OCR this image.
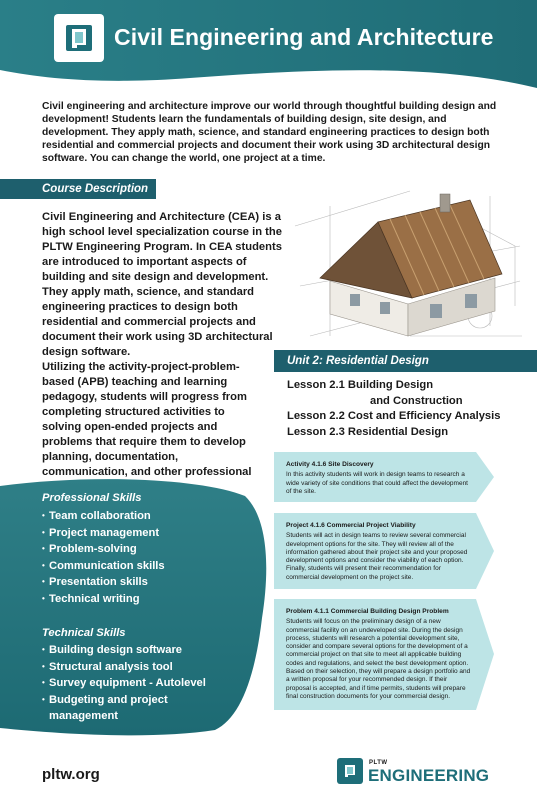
Civil Engineering and Architecture

Civil engineering and architecture improve our world through thoughtful building design and development! Students learn the fundamentals of building design, site design, and development. They apply math, science, and standard engineering practices to design both residential and commercial projects and document their work using 3D architectural design software. You can change the world, one project at a time.

Course Description
Civil Engineering and Architecture (CEA) is a high school level specialization course in the PLTW Engineering Program. In CEA students are introduced to important aspects of building and site design and development. They apply math, science, and standard engineering practices to design both residential and commercial projects and document their work using 3D architectural design software.
Utilizing the activity-project-problem-based (APB) teaching and learning pedagogy, students will progress from completing structured activities to solving open-ended projects and problems that require them to develop planning, documentation, communication, and other professional
Unit 2: Residential Design
Lesson 2.1 Building Design
and Construction
Lesson 2.2 Cost and Efficiency Analysis
Lesson 2.3 Residential Design
Activity 4.1.6 Site Discovery
In this activity students will work in design teams to research a wide variety of site conditions that could affect the development of the site.
Project 4.1.6 Commercial Project Viability
Students will act in design teams to review several commercial development options for the site. They will review all of the information gathered about their project site and your proposed development options and consider the viability of each option. Finally, students will present their recommendation for commercial development on the project site.
Problem 4.1.1 Commercial Building Design Problem
Students will focus on the preliminary design of a new commercial facility on an undeveloped site. During the design process, students will research a potential development site, consider and compare several options for the development of a commercial project on that site to meet all applicable building codes and regulations, and select the best development option. Based on their selection, they will prepare a design portfolio and a written proposal for your recommended design. If their proposal is accepted, and if time permits, students will prepare final construction documents for your commercial design.
Professional Skills
• Team collaboration
• Project management
• Problem-solving
• Communication skills
• Presentation skills
• Technical writing
Technical Skills
• Building design software
• Structural analysis tool
• Survey equipment - Autolevel
• Budgeting and project management
pltw.org
PLTW
ENGINEERING
